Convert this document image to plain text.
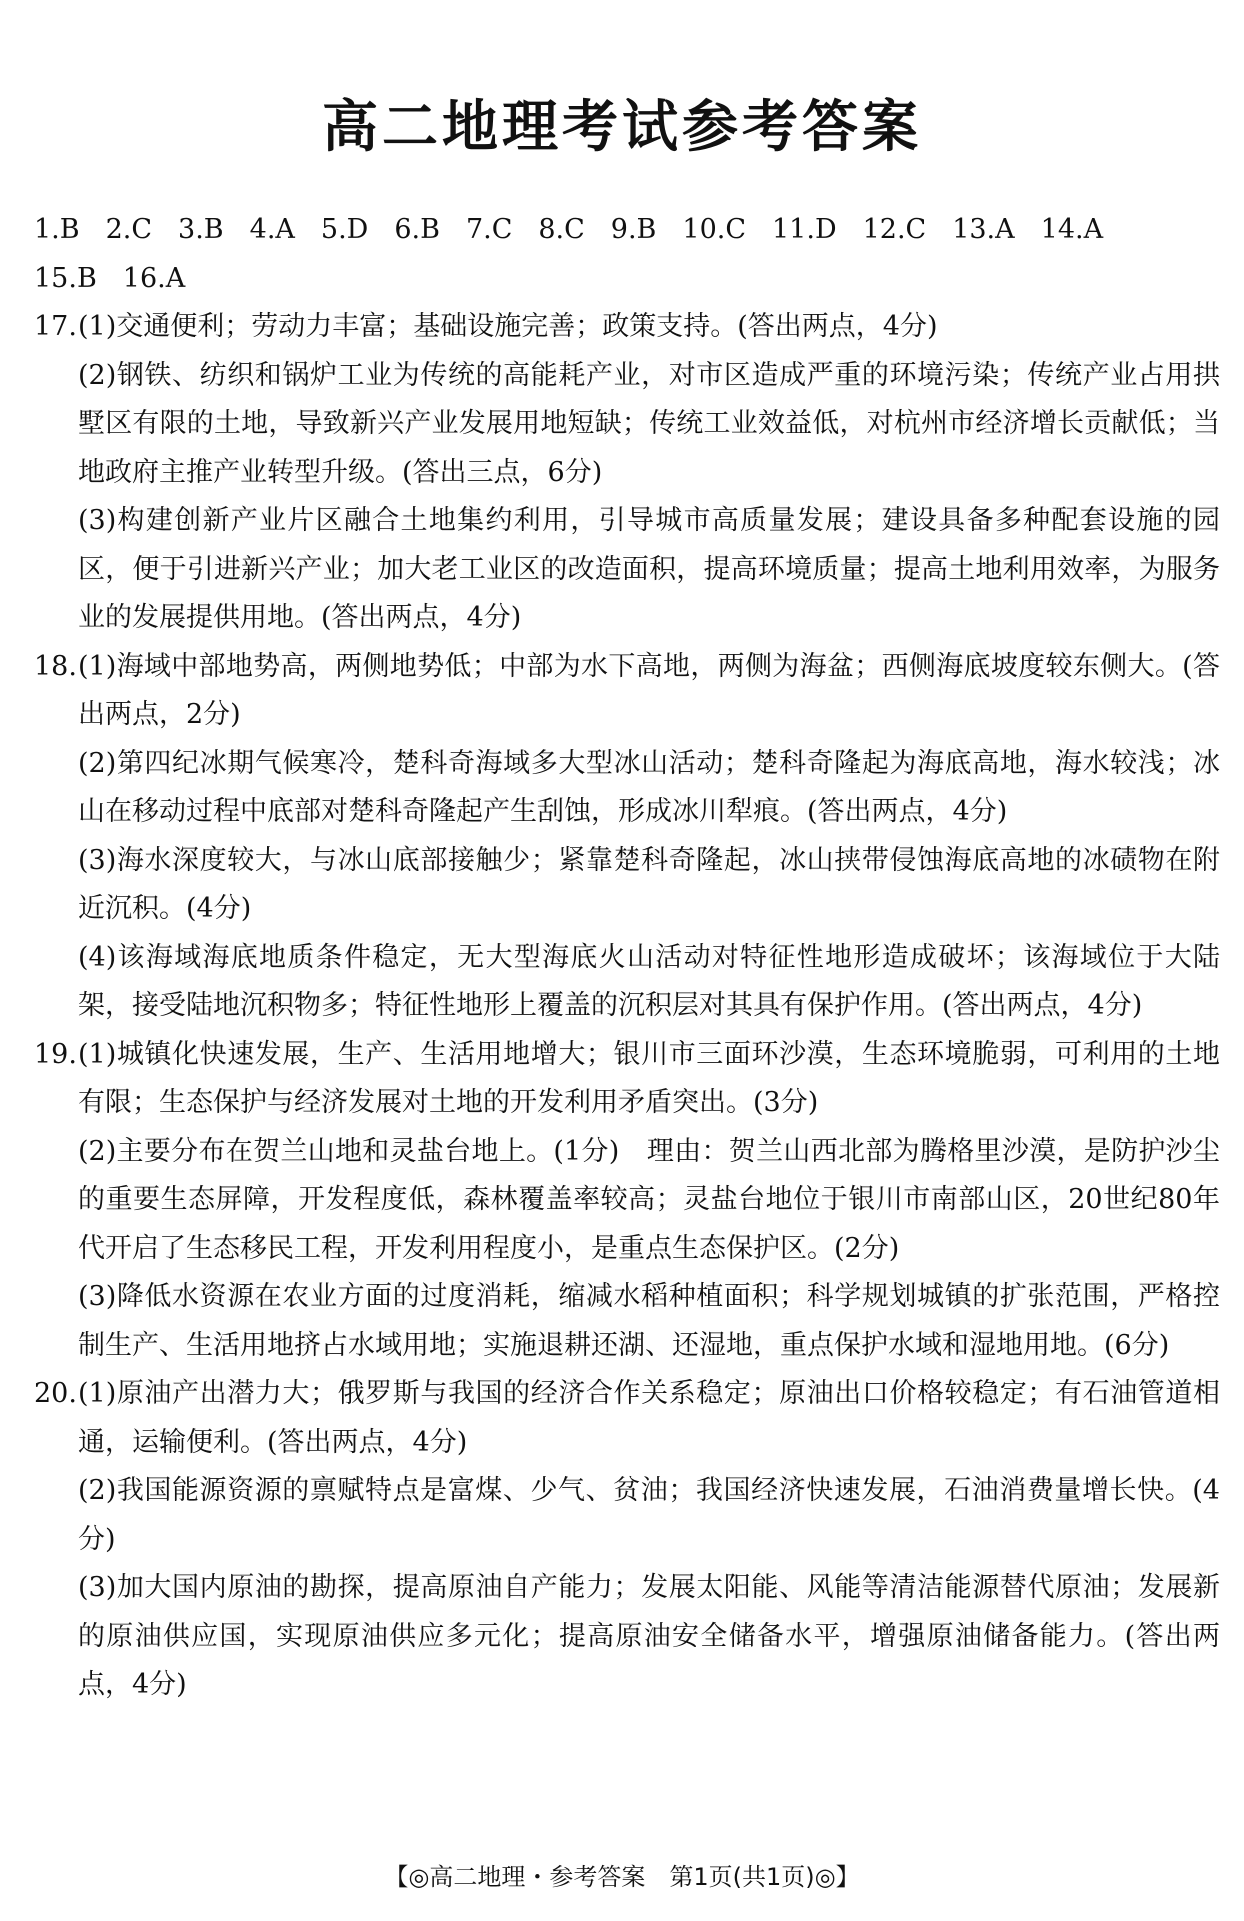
高二地理考试参考答案
1.B 2.C 3.B 4.A 5.D 6.B 7.C 8.C 9.B 10.C 11.D 12.C 13.A 14.A
15.B 16.A
17. (1)交通便利；劳动力丰富；基础设施完善；政策支持。(答出两点，4分)

(2)钢铁、纺织和锅炉工业为传统的高能耗产业，对市区造成严重的环境污染；传统产业占用拱墅区有限的土地，导致新兴产业发展用地短缺；传统工业效益低，对杭州市经济增长贡献低；当地政府主推产业转型升级。(答出三点，6分)

(3)构建创新产业片区融合土地集约利用，引导城市高质量发展；建设具备多种配套设施的园区，便于引进新兴产业；加大老工业区的改造面积，提高环境质量；提高土地利用效率，为服务业的发展提供用地。(答出两点，4分)

18. (1)海域中部地势高，两侧地势低；中部为水下高地，两侧为海盆；西侧海底坡度较东侧大。(答出两点，2分)

(2)第四纪冰期气候寒冷，楚科奇海域多大型冰山活动；楚科奇隆起为海底高地，海水较浅；冰山在移动过程中底部对楚科奇隆起产生刮蚀，形成冰川犁痕。(答出两点，4分)

(3)海水深度较大，与冰山底部接触少；紧靠楚科奇隆起，冰山挟带侵蚀海底高地的冰碛物在附近沉积。(4分)

(4)该海域海底地质条件稳定，无大型海底火山活动对特征性地形造成破坏；该海域位于大陆架，接受陆地沉积物多；特征性地形上覆盖的沉积层对其具有保护作用。(答出两点，4分)

19. (1)城镇化快速发展，生产、生活用地增大；银川市三面环沙漠，生态环境脆弱，可利用的土地有限；生态保护与经济发展对土地的开发利用矛盾突出。(3分)

(2)主要分布在贺兰山地和灵盐台地上。(1分)　理由：贺兰山西北部为腾格里沙漠，是防护沙尘的重要生态屏障，开发程度低，森林覆盖率较高；灵盐台地位于银川市南部山区，20世纪80年代开启了生态移民工程，开发利用程度小，是重点生态保护区。(2分)

(3)降低水资源在农业方面的过度消耗，缩减水稻种植面积；科学规划城镇的扩张范围，严格控制生产、生活用地挤占水域用地；实施退耕还湖、还湿地，重点保护水域和湿地用地。(6分)

20. (1)原油产出潜力大；俄罗斯与我国的经济合作关系稳定；原油出口价格较稳定；有石油管道相通，运输便利。(答出两点，4分)

(2)我国能源资源的禀赋特点是富煤、少气、贫油；我国经济快速发展，石油消费量增长快。(4分)

(3)加大国内原油的勘探，提高原油自产能力；发展太阳能、风能等清洁能源替代原油；发展新的原油供应国，实现原油供应多元化；提高原油安全储备水平，增强原油储备能力。(答出两点，4分)

【◎高二地理・参考答案　第1页(共1页)◎】
